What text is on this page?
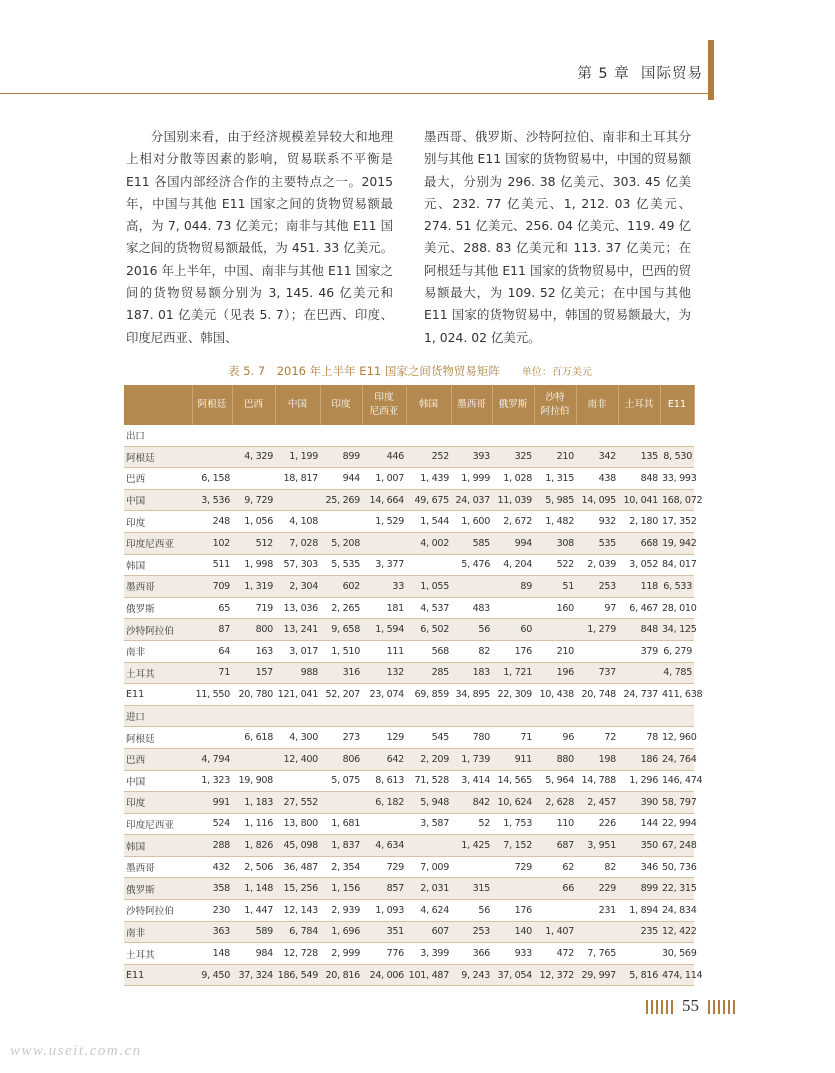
第 5 章 国际贸易

分国别来看，由于经济规模差异较大和地理上相对分散等因素的影响，贸易联系不平衡是 E11 各国内部经济合作的主要特点之一。2015 年，中国与其他 E11 国家之间的货物贸易额最高，为 7, 044. 73 亿美元；南非与其他 E11 国家之间的货物贸易额最低，为 451. 33 亿美元。2016 年上半年，中国、南非与其他 E11 国家之间的货物贸易额分别为 3, 145. 46 亿美元和 187. 01 亿美元（见表 5. 7）；在巴西、印度、印度尼西亚、韩国、

墨西哥、俄罗斯、沙特阿拉伯、南非和土耳其分别与其他 E11 国家的货物贸易中，中国的贸易额最大，分别为 296. 38 亿美元、303. 45 亿美元、232. 77 亿美元、1, 212. 03 亿美元、274. 51 亿美元、256. 04 亿美元、119. 49 亿美元、288. 83 亿美元和 113. 37 亿美元；在阿根廷与其他 E11 国家的货物贸易中，巴西的贸易额最大，为 109. 52 亿美元；在中国与其他 E11 国家的货物贸易中，韩国的贸易额最大，为 1, 024. 02 亿美元。

表 5. 7　2016 年上半年 E11 国家之间货物贸易矩阵 单位：百万美元
	阿根廷	巴西	中国	印度	印度
尼西亚	韩国	墨西哥	俄罗斯	沙特
阿拉伯	南非	土耳其	E11
出口												
阿根廷		4, 329	1, 199	899	446	252	393	325	210	342	135	8, 530
巴西	6, 158		18, 817	944	1, 007	1, 439	1, 999	1, 028	1, 315	438	848	33, 993
中国	3, 536	9, 729		25, 269	14, 664	49, 675	24, 037	11, 039	5, 985	14, 095	10, 041	168, 072
印度	248	1, 056	4, 108		1, 529	1, 544	1, 600	2, 672	1, 482	932	2, 180	17, 352
印度尼西亚	102	512	7, 028	5, 208		4, 002	585	994	308	535	668	19, 942
韩国	511	1, 998	57, 303	5, 535	3, 377		5, 476	4, 204	522	2, 039	3, 052	84, 017
墨西哥	709	1, 319	2, 304	602	33	1, 055		89	51	253	118	6, 533
俄罗斯	65	719	13, 036	2, 265	181	4, 537	483		160	97	6, 467	28, 010
沙特阿拉伯	87	800	13, 241	9, 658	1, 594	6, 502	56	60		1, 279	848	34, 125
南非	64	163	3, 017	1, 510	111	568	82	176	210		379	6, 279
土耳其	71	157	988	316	132	285	183	1, 721	196	737		4, 785
E11	11, 550	20, 780	121, 041	52, 207	23, 074	69, 859	34, 895	22, 309	10, 438	20, 748	24, 737	411, 638
进口												
阿根廷		6, 618	4, 300	273	129	545	780	71	96	72	78	12, 960
巴西	4, 794		12, 400	806	642	2, 209	1, 739	911	880	198	186	24, 764
中国	1, 323	19, 908		5, 075	8, 613	71, 528	3, 414	14, 565	5, 964	14, 788	1, 296	146, 474
印度	991	1, 183	27, 552		6, 182	5, 948	842	10, 624	2, 628	2, 457	390	58, 797
印度尼西亚	524	1, 116	13, 800	1, 681		3, 587	52	1, 753	110	226	144	22, 994
韩国	288	1, 826	45, 098	1, 837	4, 634		1, 425	7, 152	687	3, 951	350	67, 248
墨西哥	432	2, 506	36, 487	2, 354	729	7, 009		729	62	82	346	50, 736
俄罗斯	358	1, 148	15, 256	1, 156	857	2, 031	315		66	229	899	22, 315
沙特阿拉伯	230	1, 447	12, 143	2, 939	1, 093	4, 624	56	176		231	1, 894	24, 834
南非	363	589	6, 784	1, 696	351	607	253	140	1, 407		235	12, 422
土耳其	148	984	12, 728	2, 999	776	3, 399	366	933	472	7, 765		30, 569
E11	9, 450	37, 324	186, 549	20, 816	24, 006	101, 487	9, 243	37, 054	12, 372	29, 997	5, 816	474, 114
55
www.useit.com.cn
